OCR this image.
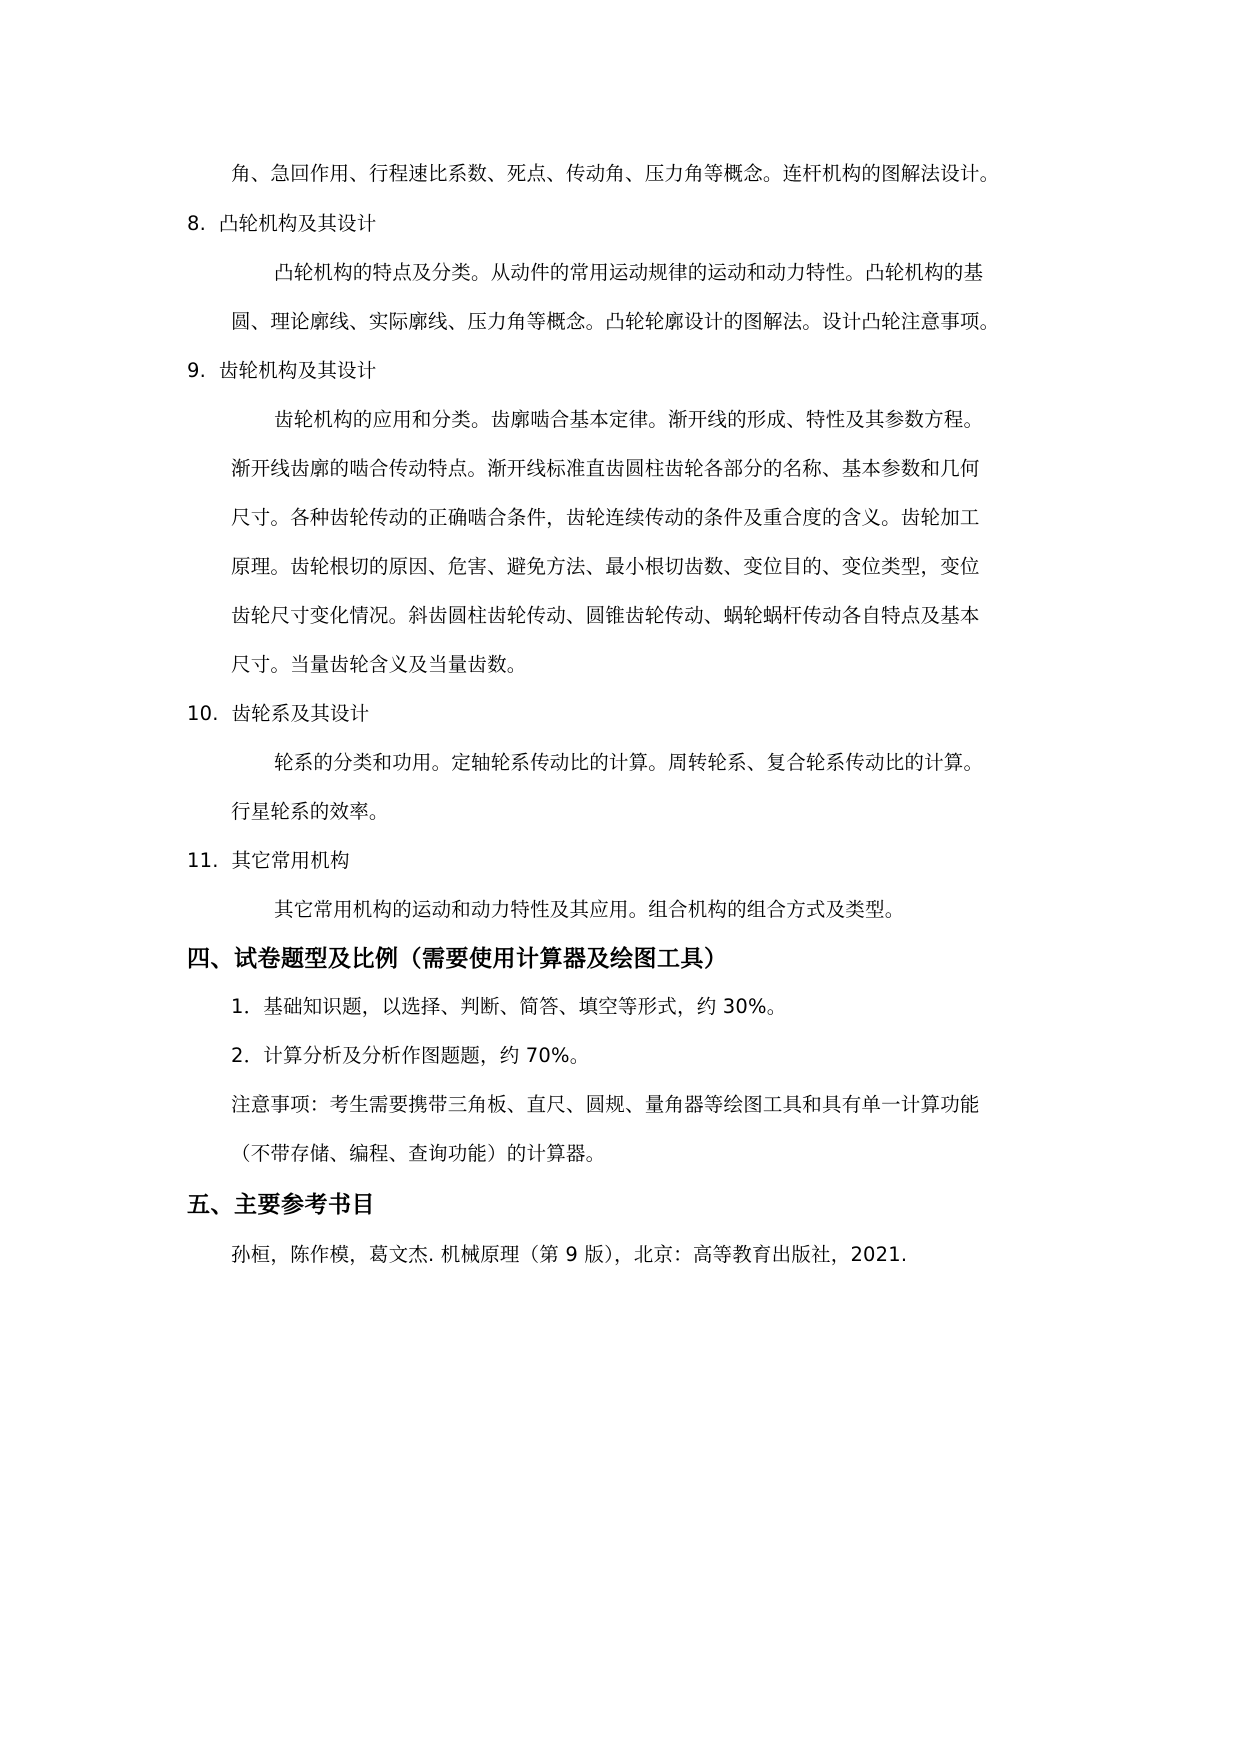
角、急回作用、行程速比系数、死点、传动角、压力角等概念。连杆机构的图解法设计。
8. 凸轮机构及其设计
凸轮机构的特点及分类。从动件的常用运动规律的运动和动力特性。凸轮机构的基
圆、理论廓线、实际廓线、压力角等概念。凸轮轮廓设计的图解法。设计凸轮注意事项。
9. 齿轮机构及其设计
齿轮机构的应用和分类。齿廓啮合基本定律。渐开线的形成、特性及其参数方程。
渐开线齿廓的啮合传动特点。渐开线标准直齿圆柱齿轮各部分的名称、基本参数和几何
尺寸。各种齿轮传动的正确啮合条件，齿轮连续传动的条件及重合度的含义。齿轮加工
原理。齿轮根切的原因、危害、避免方法、最小根切齿数、变位目的、变位类型，变位
齿轮尺寸变化情况。斜齿圆柱齿轮传动、圆锥齿轮传动、蜗轮蜗杆传动各自特点及基本
尺寸。当量齿轮含义及当量齿数。
10. 齿轮系及其设计
轮系的分类和功用。定轴轮系传动比的计算。周转轮系、复合轮系传动比的计算。
行星轮系的效率。
11. 其它常用机构
其它常用机构的运动和动力特性及其应用。组合机构的组合方式及类型。
四、试卷题型及比例（需要使用计算器及绘图工具）
1．基础知识题，以选择、判断、简答、填空等形式，约 30%。
2．计算分析及分析作图题题，约 70%。
注意事项：考生需要携带三角板、直尺、圆规、量角器等绘图工具和具有单一计算功能
（不带存储、编程、查询功能）的计算器。
五、主要参考书目
孙桓，陈作模，葛文杰. 机械原理（第 9 版），北京：高等教育出版社，2021.
